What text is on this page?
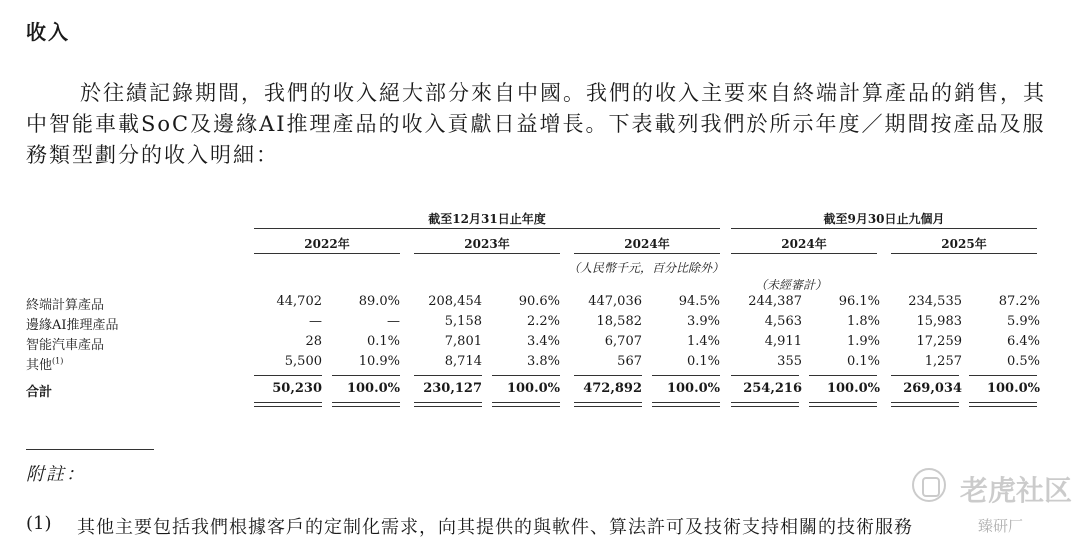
收入
於往績記錄期間，我們的收入絕大部分來自中國。我們的收入主要來自終端計算產品的銷售，其中智能車載SoC及邊緣AI推理產品的收入貢獻日益增長。下表載列我們於所示年度／期間按產品及服務類型劃分的收入明細：
截至12月31日止年度	截至9月30日止九個月
2022年	2023年	2024年	2024年	2025年
（人民幣千元，百分比除外）
（未經審計）
終端計算產品	44,702	89.0% 208,454	90.6% 447,036	94.5% 244,387	96.1% 234,535	87.2%
邊緣AI推理產品	—	—	5,158	2.2%	18,582	3.9%	4,563	1.8%	15,983	5.9%
智能汽車產品	28	0.1%	7,801	3.4%	6,707	1.4%	4,911	1.9%	17,259	6.4%
其他$^{(1)}$	5,500	10.9%	8,714	3.8%	567	0.1%	355	0.1%	1,257	0.5%
合計	50,230 100.0% 230,127 100.0% 472,892 100.0% 254,216 100.0% 269,034 100.0%
附註：
(1) 其他主要包括我們根據客戶的定制化需求，向其提供的與軟件、算法許可及技術支持相關的技術服務
老虎社区
臻研厂
